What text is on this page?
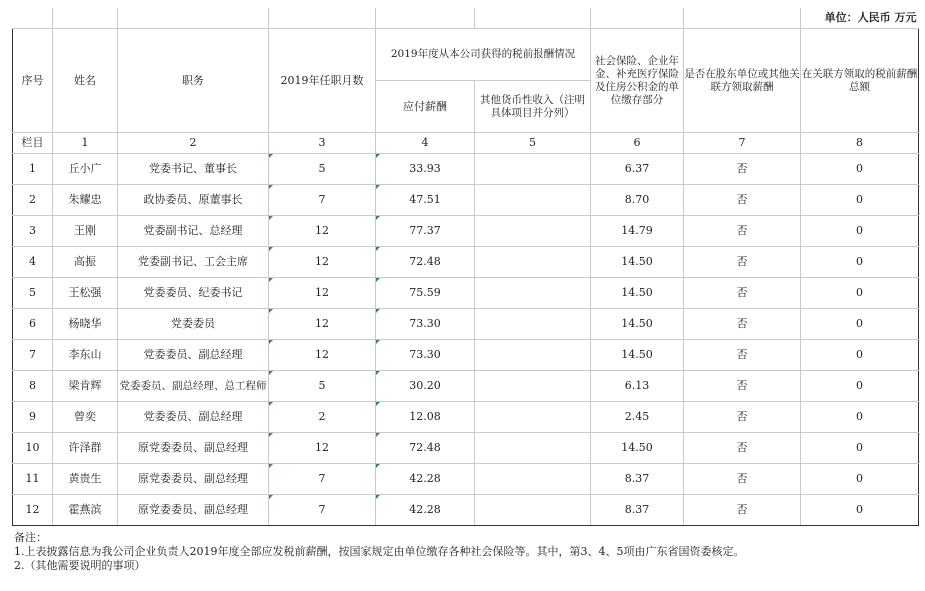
								单位：人民币 万元
序号	姓名	职务	2019年任职月数	2019年度从本公司获得的税前报酬情况		社会保险、企业年金、补充医疗保险及住房公积金的单位缴存部分	是否在股东单位或其他关联方领取薪酬	在关联方领取的税前薪酬总额
				应付薪酬	其他货币性收入（注明具体项目并分列）			
栏目	1	2	3	4	5	6	7	8
1	丘小广	党委书记、董事长	5	33.93		6.37	否	0
2	朱耀忠	政协委员、原董事长	7	47.51		8.70	否	0
3	王刚	党委副书记、总经理	12	77.37		14.79	否	0
4	高振	党委副书记、工会主席	12	72.48		14.50	否	0
5	王松强	党委委员、纪委书记	12	75.59		14.50	否	0
6	杨晓华	党委委员	12	73.30		14.50	否	0
7	李东山	党委委员、副总经理	12	73.30		14.50	否	0
8	梁肯辉	党委委员、副总经理、总工程师	5	30.20		6.13	否	0
9	曾奕	党委委员、副总经理	2	12.08		2.45	否	0
10	许泽群	原党委委员、副总经理	12	72.48		14.50	否	0
11	黄贵生	原党委委员、副总经理	7	42.28		8.37	否	0
12	霍燕滨	原党委委员、副总经理	7	42.28		8.37	否	0
备注：
1.上表披露信息为我公司企业负责人2019年度全部应发税前薪酬，按国家规定由单位缴存各种社会保险等。其中，第3、4、5项由广东省国资委核定。
2.（其他需要说明的事项）
